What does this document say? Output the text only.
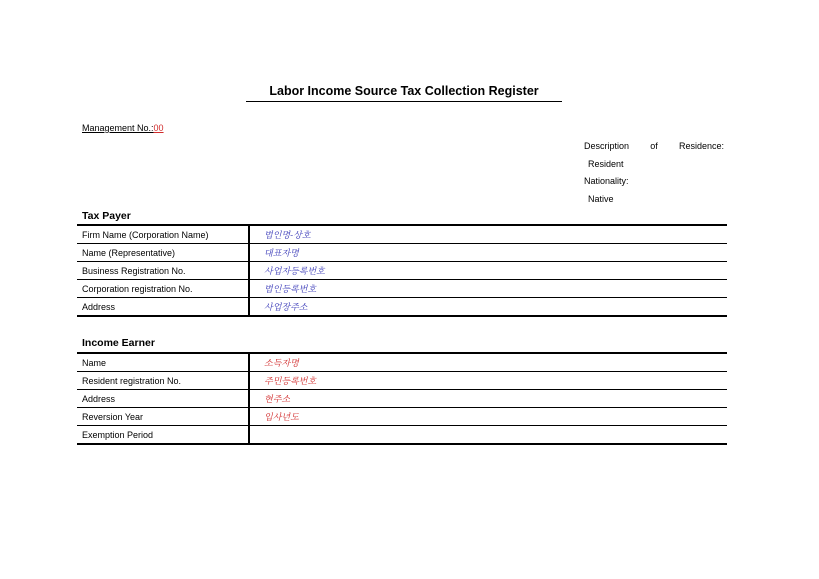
Labor Income Source Tax Collection Register
Management No.:00
Description of Residence:
Resident
Nationality:
Native
Tax Payer
Firm Name (Corporation Name)	법인명-상호
Name (Representative)	대표자명
Business Registration No.	사업자등록번호
Corporation registration No.	법인등록번호
Address	사업장주소
Income Earner
Name	소득자명
Resident registration No.	주민등록번호
Address	현주소
Reversion Year	입사년도
Exemption Period	
